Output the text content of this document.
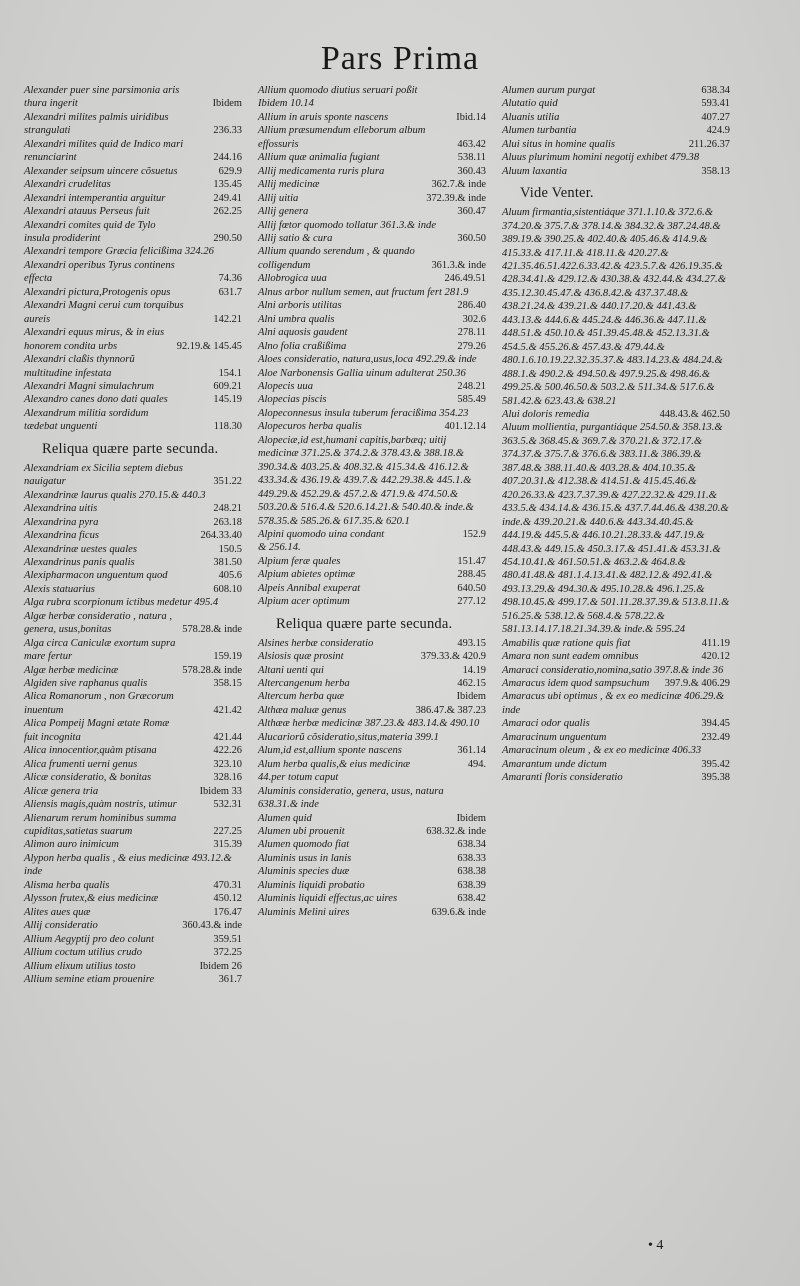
Pars Prima
Alexander puer sine parsimonia aris thura ingerit	Ibidem
Alexandri milites palmis uiridibus strangulati	236.33
Alexandri milites quid de Indico mari renunciarint	244.16
Alexander seipsum uincere cõsuetus	629.9
Alexandri crudelitas	135.45
Alexandri intemperantia arguitur	249.41
Alexandri atauus Perseus fuit	262.25
Alexandri comites quid de Tylo insula prodiderint	290.50
Alexandri tempore Græcia felicißima 324.26
Alexandri operibus Tyrus continens effecta	74.36
Alexandri pictura,Protogenis opus	631.7
Alexandri Magni cerui cum torquibus aureis	142.21
Alexandri equus mirus, & in eius honorem condita urbs	92.19.& 145.45
Alexandri claßis thynnorũ multitudine infestata	154.1
Alexandri Magni simulachrum	609.21
Alexandro canes dono dati quales	145.19
Alexandrum militia sordidum tædebat unguenti	118.30
Reliqua quære parte secunda.
Alexandriam ex Sicilia septem diebus nauigatur	351.22
Alexandrinæ laurus qualis 270.15.& 440.3
Alexandrina uitis	248.21
Alexandrina pyra	263.18
Alexandrina ficus	264.33.40
Alexandrinæ uestes quales	150.5
Alexandrinus panis qualis	381.50
Alexipharmacon unguentum quod	405.6
Alexis statuarius	608.10
Alga rubra scorpionum ictibus medetur 495.4
Algæ herbæ consideratio , natura , genera, usus,bonitas	578.28.& inde
Alga circa Caniculæ exortum supra mare fertur	159.19
Algæ herbæ medicinæ	578.28.& inde
Algiden sive raphanus qualis	358.15
Alica Romanorum , non Græcorum inuentum	421.42
Alica Pompeij Magni ætate Romæ fuit incognita	421.44
Alica innocentior,quàm ptisana	422.26
Alica frumenti uerni genus	323.10
Alicæ consideratio, & bonitas	328.16
Alicæ genera tria	Ibidem 33
Aliensis magis,quàm nostris, utimur	532.31
Alienarum rerum hominibus summa cupiditas,satietas suarum	227.25
Alimon auro inimicum	315.39
Alypon herba qualis , & eius medicinæ 493.12.& inde
Alisma herba qualis	470.31
Alysson frutex,& eius medicinæ	450.12
Alites aues quæ	176.47
Allij consideratio	360.43.& inde
Allium Aegyptij pro deo colunt	359.51
Allium coctum utilius crudo	372.25
Allium elixum utilius tosto	Ibidem 26
Allium semine etiam prouenire	361.7
Allium quomodo diutius seruari poßit
Ibidem 10.14
Allium in aruis sponte nascens	Ibid.14
Allium præsumendum elleborum album effossuris	463.42
Allium quæ animalia fugiant	538.11
Allij medicamenta ruris plura	360.43
Allij medicinæ	362.7.& inde
Allij uitia	372.39.& inde
Allij genera	360.47
Allij fœtor quomodo tollatur 361.3.& inde
Allij satio & cura	360.50
Allium quando serendum , & quando colligendum	361.3.& inde
Allobrogica uua	246.49.51
Alnus arbor nullum semen, aut fructum fert 281.9
Alni arboris utilitas	286.40
Alni umbra qualis	302.6
Alni aquosis gaudent	278.11
Alno folia craßißima	279.26
Aloes consideratio, natura,usus,loca 492.29.& inde
Aloe Narbonensis Gallia uinum adulterat 250.36
Alopecis uua	248.21
Alopecias piscis	585.49
Alopeconnesus insula tuberum feracißima 354.23
Alopecuros herba qualis	401.12.14
Alopeciæ,id est,humani capitis,barbæq; uitij medicinæ 371.25.& 374.2.& 378.43.& 388.18.& 390.34.& 403.25.& 408.32.& 415.34.& 416.12.& 433.34.& 436.19.& 439.7.& 442.29.38.& 445.1.& 449.29.& 452.29.& 457.2.& 471.9.& 474.50.& 503.20.& 516.4.& 520.6.14.21.& 540.40.& inde.& 578.35.& 585.26.& 617.35.& 620.1
Alpini quomodo uina condant	152.9
& 256.14.
Alpium feræ quales	151.47
Alpium abietes optimæ	288.45
Alpeis Annibal exuperat	640.50
Alpium acer optimum	277.12
Reliqua quære parte secunda.
Alsines herbæ consideratio	493.15
Alsiosis quæ prosint	379.33.& 420.9
Altani uenti qui	14.19
Altercangenum herba	462.15
Altercum herba quæ	Ibidem
Althæa maluæ genus	386.47.& 387.23
Althææ herbæ medicinæ 387.23.& 483.14.& 490.10
Alucariorũ cõsideratio,situs,materia 399.1
Alum,id est,allium sponte nascens	361.14
Alum herba qualis,& eius medicinæ	494.
44.per totum caput
Aluminis consideratio, genera, usus, natura 638.31.& inde
Alumen quid	Ibidem
Alumen ubi prouenit	638.32.& inde
Alumen quomodo fiat	638.34
Aluminis usus in lanis	638.33
Aluminis species duæ	638.38
Aluminis liquidi probatio	638.39
Aluminis liquidi effectus,ac uires	638.42
Aluminis Melini uires	639.6.& inde
Alumen aurum purgat	638.34
Alutatio quid	593.41
Aluanis utilia	407.27
Alumen turbantia	424.9
Alui situs in homine qualis	211.26.37
Aluus plurimum homini negotij exhibet 479.38
Aluum laxantia	358.13
Vide Venter.
Aluum firmantia,sistentiáque 371.1.10.& 372.6.& 374.20.& 375.7.& 378.14.& 384.32.& 387.24.48.& 389.19.& 390.25.& 402.40.& 405.46.& 414.9.& 415.33.& 417.11.& 418.11.& 420.27.& 421.35.46.51.422.6.33.42.& 423.5.7.& 426.19.35.& 428.34.41.& 429.12.& 430.38.& 432.44.& 434.27.& 435.12.30.45.47.& 436.8.42.& 437.37.48.& 438.21.24.& 439.21.& 440.17.20.& 441.43.& 443.13.& 444.6.& 445.24.& 446.36.& 447.11.& 448.51.& 450.10.& 451.39.45.48.& 452.13.31.& 454.5.& 455.26.& 457.43.& 479.44.& 480.1.6.10.19.22.32.35.37.& 483.14.23.& 484.24.& 488.1.& 490.2.& 494.50.& 497.9.25.& 498.46.& 499.25.& 500.46.50.& 503.2.& 511.34.& 517.6.& 581.42.& 623.43.& 638.21
Alui doloris remedia	448.43.& 462.50
Aluum mollientia, purgantiáque 254.50.& 358.13.& 363.5.& 368.45.& 369.7.& 370.21.& 372.17.& 374.37.& 375.7.& 376.6.& 383.11.& 386.39.& 387.48.& 388.11.40.& 403.28.& 404.10.35.& 407.20.31.& 412.38.& 414.51.& 415.45.46.& 420.26.33.& 423.7.37.39.& 427.22.32.& 429.11.& 433.5.& 434.14.& 436.15.& 437.7.44.46.& 438.20.& inde.& 439.20.21.& 440.6.& 443.34.40.45.& 444.19.& 445.5.& 446.10.21.28.33.& 447.19.& 448.43.& 449.15.& 450.3.17.& 451.41.& 453.31.& 454.10.41.& 461.50.51.& 463.2.& 464.8.& 480.41.48.& 481.1.4.13.41.& 482.12.& 492.41.& 493.13.29.& 494.30.& 495.10.28.& 496.1.25.& 498.10.45.& 499.17.& 501.11.28.37.39.& 513.8.11.& 516.25.& 538.12.& 568.4.& 578.22.& 581.13.14.17.18.21.34.39.& inde.& 595.24
Amabilis quæ ratione quis fiat	411.19
Amara non sunt eadem omnibus	420.12
Amaraci consideratio,nomina,satio 397.8.& inde 36
Amaracus idem quod sampsuchum	397.9.& 406.29
Amaracus ubi optimus , & ex eo medicinæ 406.29.& inde
Amaraci odor qualis	394.45
Amaracinum unguentum	232.49
Amaracinum oleum , & ex eo medicinæ 406.33
Amarantum unde dictum	395.42
Amaranti floris consideratio	395.38
• 4
